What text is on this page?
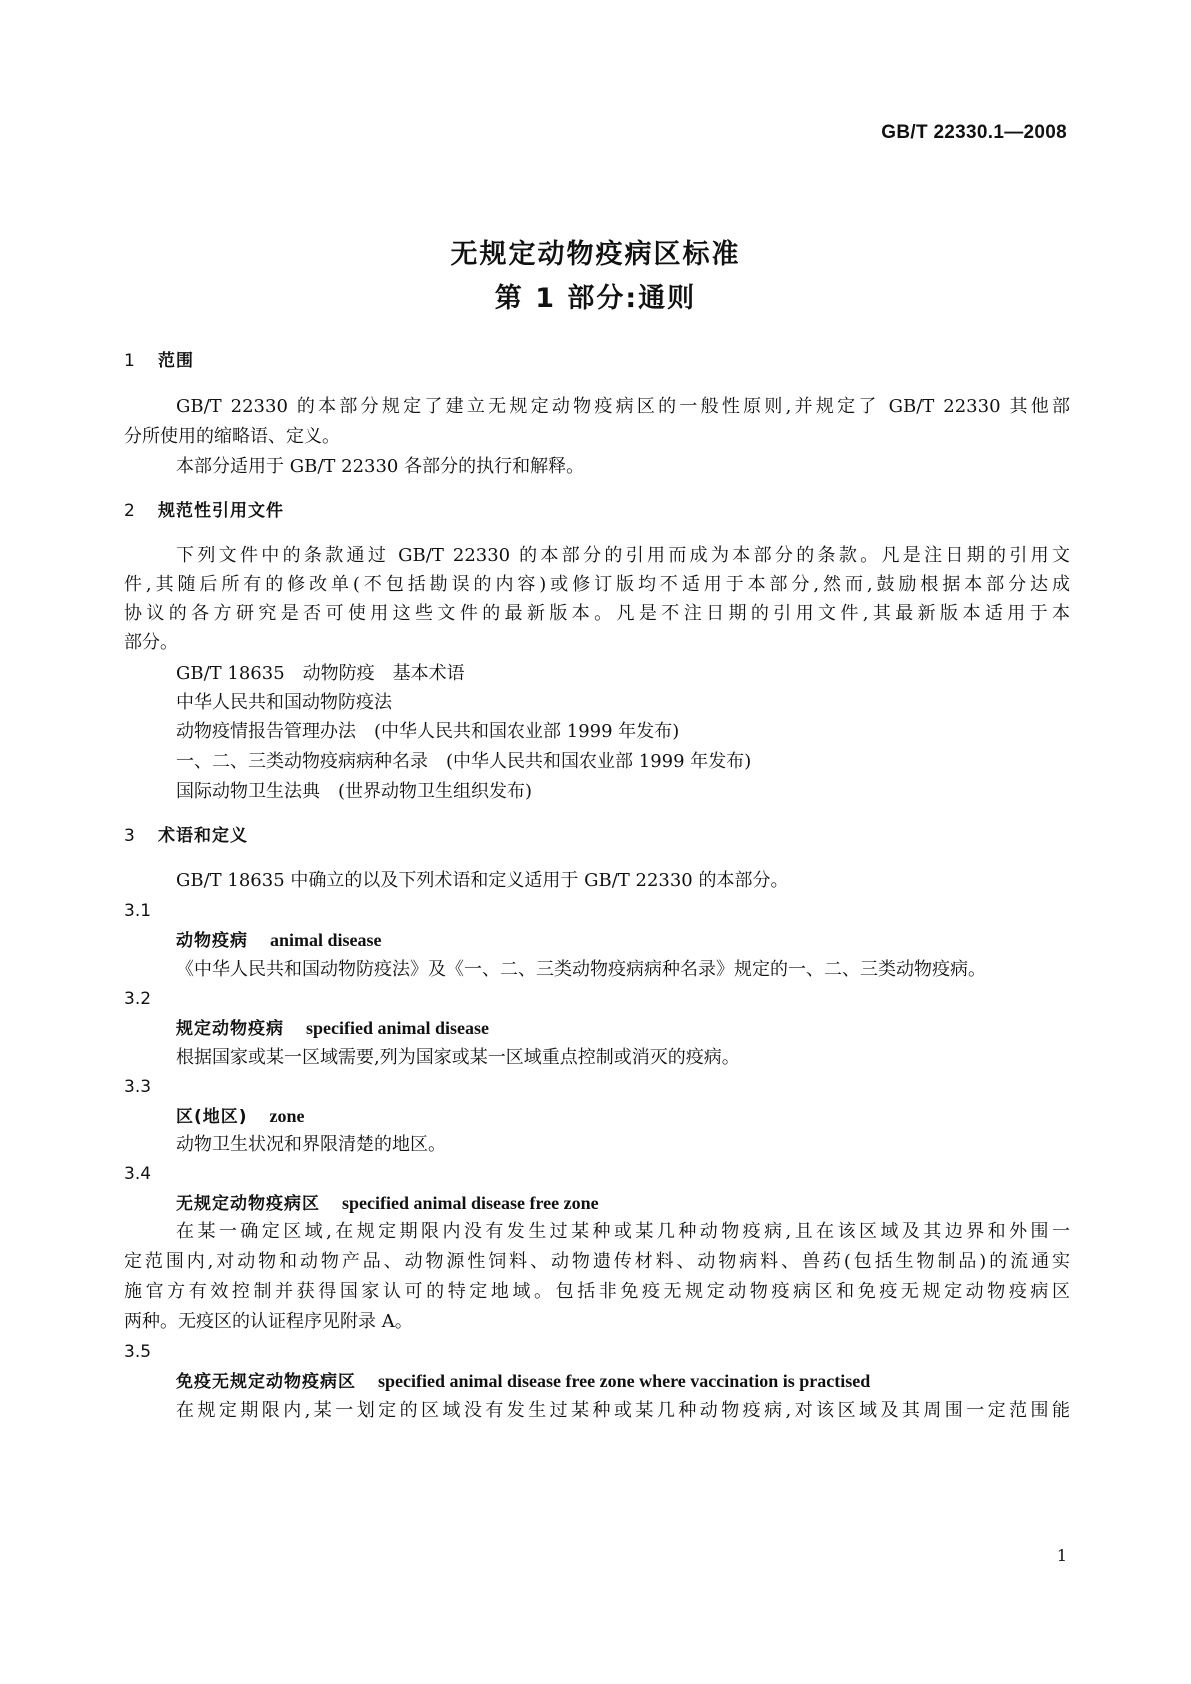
GB/T 22330.1—2008
无规定动物疫病区标准
第 1 部分:通则
1 范围
GB/T 22330 的本部分规定了建立无规定动物疫病区的一般性原则,并规定了 GB/T 22330 其他部
分所使用的缩略语、定义。
本部分适用于 GB/T 22330 各部分的执行和解释。
2 规范性引用文件
下列文件中的条款通过 GB/T 22330 的本部分的引用而成为本部分的条款。凡是注日期的引用文
件,其随后所有的修改单(不包括勘误的内容)或修订版均不适用于本部分,然而,鼓励根据本部分达成
协议的各方研究是否可使用这些文件的最新版本。凡是不注日期的引用文件,其最新版本适用于本
部分。
GB/T 18635　动物防疫　基本术语
中华人民共和国动物防疫法
动物疫情报告管理办法　(中华人民共和国农业部 1999 年发布)
一、二、三类动物疫病病种名录　(中华人民共和国农业部 1999 年发布)
国际动物卫生法典　(世界动物卫生组织发布)
3 术语和定义
GB/T 18635 中确立的以及下列术语和定义适用于 GB/T 22330 的本部分。
3.1
动物疫病 animal disease
《中华人民共和国动物防疫法》及《一、二、三类动物疫病病种名录》规定的一、二、三类动物疫病。
3.2
规定动物疫病 specified animal disease
根据国家或某一区域需要,列为国家或某一区域重点控制或消灭的疫病。
3.3
区(地区) zone
动物卫生状况和界限清楚的地区。
3.4
无规定动物疫病区 specified animal disease free zone
在某一确定区域,在规定期限内没有发生过某种或某几种动物疫病,且在该区域及其边界和外围一
定范围内,对动物和动物产品、动物源性饲料、动物遗传材料、动物病料、兽药(包括生物制品)的流通实
施官方有效控制并获得国家认可的特定地域。包括非免疫无规定动物疫病区和免疫无规定动物疫病区
两种。无疫区的认证程序见附录 A。
3.5
免疫无规定动物疫病区 specified animal disease free zone where vaccination is practised
在规定期限内,某一划定的区域没有发生过某种或某几种动物疫病,对该区域及其周围一定范围能
1
